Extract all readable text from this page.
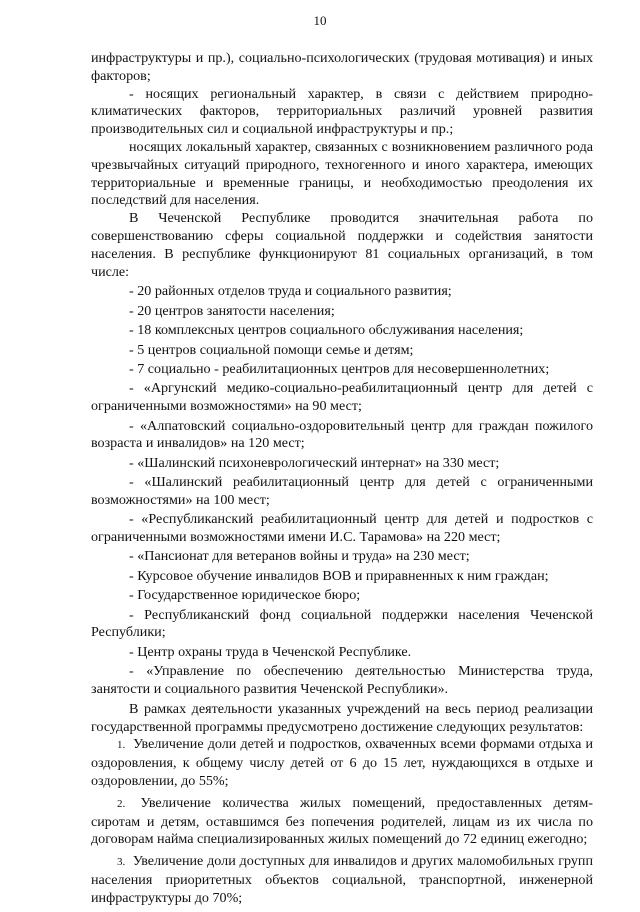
10

инфраструктуры и пр.), социально-психологических (трудовая мотивация) и иных факторов;

- носящих региональный характер, в связи с действием природно-климатических факторов, территориальных различий уровней развития производительных сил и социальной инфраструктуры и пр.;

носящих локальный характер, связанных с возникновением различного рода чрезвычайных ситуаций природного, техногенного и иного характера, имеющих территориальные и временные границы, и необходимостью преодоления их последствий для населения.

В Чеченской Республике проводится значительная работа по совершенствованию сферы социальной поддержки и содействия занятости населения. В республике функционируют 81 социальных организаций, в том числе:

- 20 районных отделов труда и социального развития;
- 20 центров занятости населения;
- 18 комплексных центров социального обслуживания населения;
- 5 центров социальной помощи семье и детям;
- 7 социально - реабилитационных центров для несовершеннолетних;
- «Аргунский медико-социально-реабилитационный центр для детей с ограниченными возможностями» на 90 мест;
- «Алпатовский социально-оздоровительный центр для граждан пожилого возраста и инвалидов» на 120 мест;
- «Шалинский психоневрологический интернат» на 330 мест;
- «Шалинский реабилитационный центр для детей с ограниченными возможностями» на 100 мест;
- «Республиканский реабилитационный центр для детей и подростков с ограниченными возможностями имени И.С. Тарамова» на 220 мест;
- «Пансионат для ветеранов войны и труда» на 230 мест;
- Курсовое обучение инвалидов ВОВ и приравненных к ним граждан;
- Государственное юридическое бюро;
- Республиканский фонд социальной поддержки населения Чеченской Республики;
- Центр охраны труда в Чеченской Республике.
- «Управление по обеспечению деятельностью Министерства труда, занятости и социального развития Чеченской Республики».

В рамках деятельности указанных учреждений на весь период реализации государственной программы предусмотрено достижение следующих результатов:

1. Увеличение доли детей и подростков, охваченных всеми формами отдыха и оздоровления, к общему числу детей от 6 до 15 лет, нуждающихся в отдыхе и оздоровлении, до 55%;
2. Увеличение количества жилых помещений, предоставленных детям-сиротам и детям, оставшимся без попечения родителей, лицам из их числа по договорам найма специализированных жилых помещений до 72 единиц ежегодно;
3. Увеличение доли доступных для инвалидов и других маломобильных групп населения приоритетных объектов социальной, транспортной, инженерной инфраструктуры до 70%;
